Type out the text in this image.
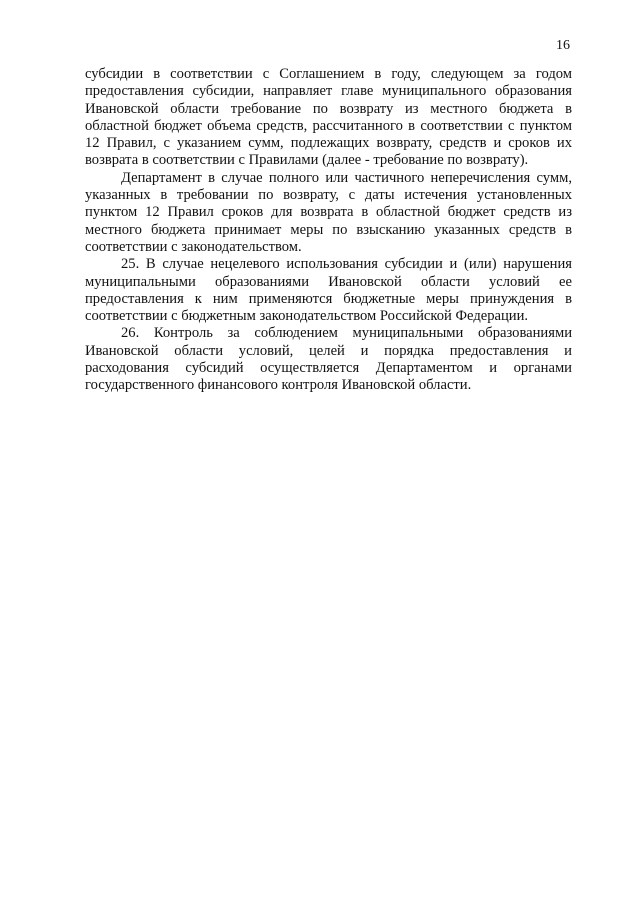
16

субсидии в соответствии с Соглашением в году, следующем за годом предоставления субсидии, направляет главе муниципального образования Ивановской области требование по возврату из местного бюджета в областной бюджет объема средств, рассчитанного в соответствии с пунктом 12 Правил, с указанием сумм, подлежащих возврату, средств и сроков их возврата в соответствии с Правилами (далее - требование по возврату).

Департамент в случае полного или частичного неперечисления сумм, указанных в требовании по возврату, с даты истечения установленных пунктом 12 Правил сроков для возврата в областной бюджет средств из местного бюджета принимает меры по взысканию указанных средств в соответствии с законодательством.

25. В случае нецелевого использования субсидии и (или) нарушения муниципальными образованиями Ивановской области условий ее предоставления к ним применяются бюджетные меры принуждения в соответствии с бюджетным законодательством Российской Федерации.

26. Контроль за соблюдением муниципальными образованиями Ивановской области условий, целей и порядка предоставления и расходования субсидий осуществляется Департаментом и органами государственного финансового контроля Ивановской области.
